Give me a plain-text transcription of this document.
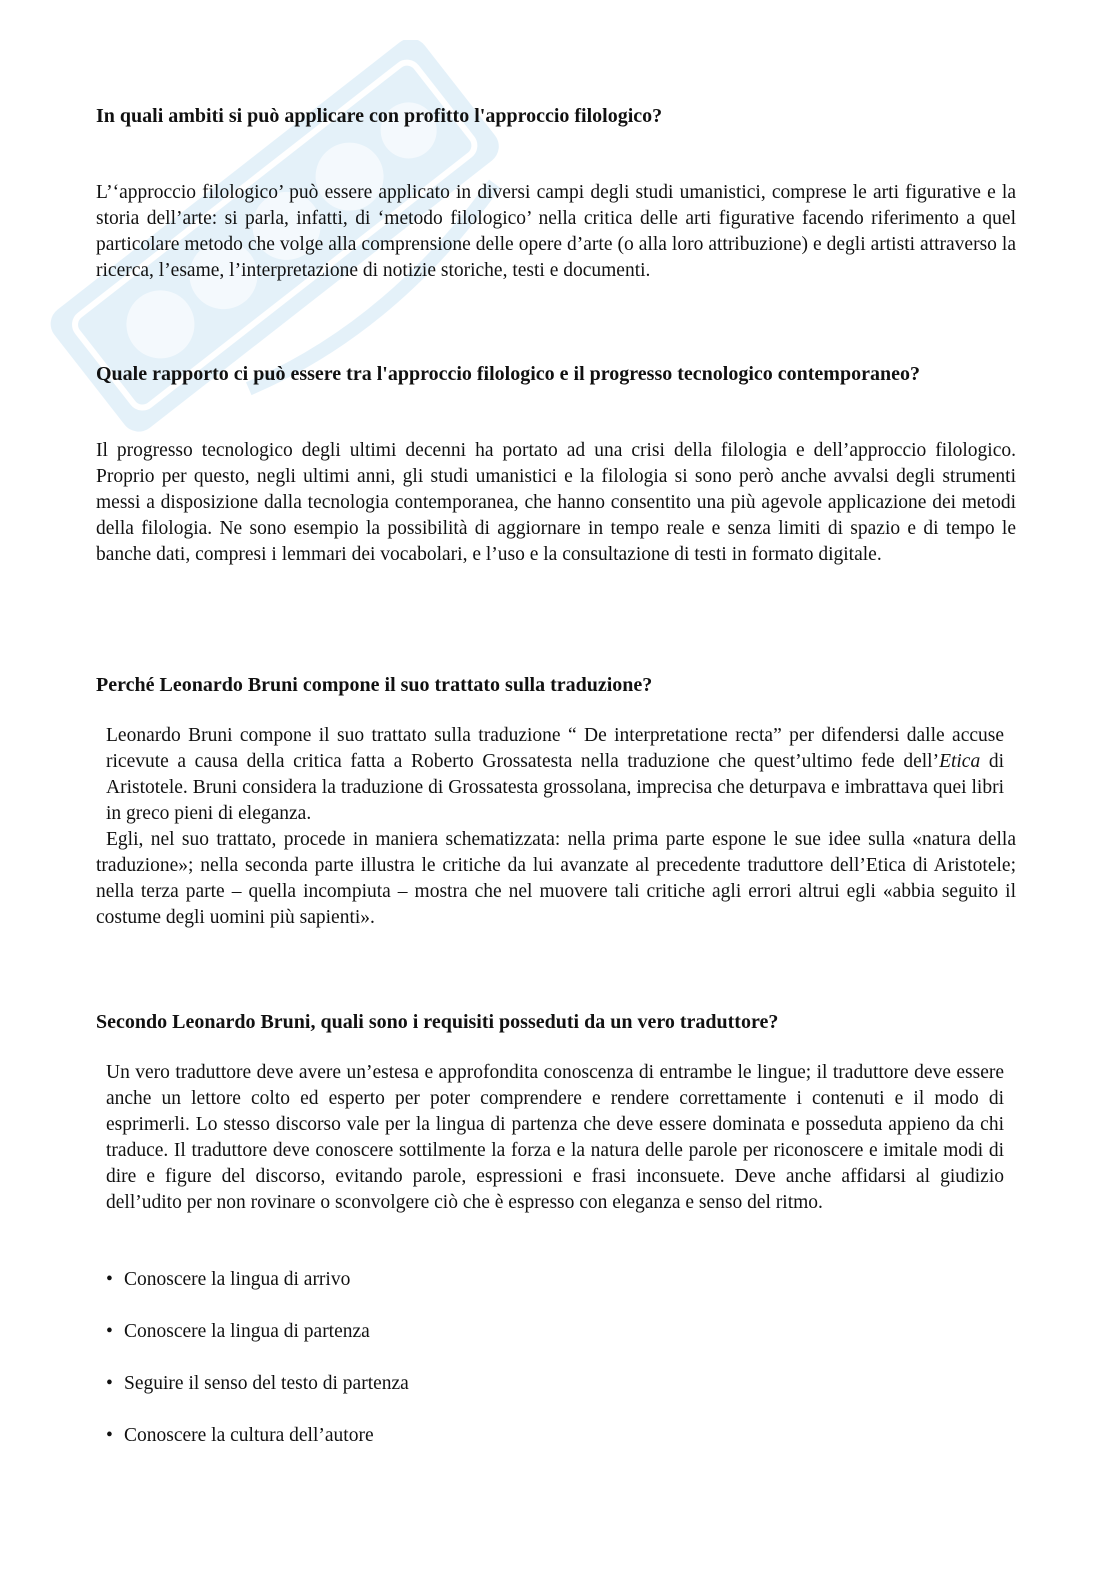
In quali ambiti si può applicare con profitto l'approccio filologico?

L’‘approccio filologico’ può essere applicato in diversi campi degli studi umanistici, comprese le arti figurative e la storia dell’arte: si parla, infatti, di ‘metodo filologico’ nella critica delle arti figurative facendo riferimento a quel particolare metodo che volge alla comprensione delle opere d’arte (o alla loro attribuzione) e degli artisti attraverso la ricerca, l’esame, l’interpretazione di notizie storiche, testi e documenti.

Quale rapporto ci può essere tra l'approccio filologico e il progresso tecnologico contemporaneo?

Il progresso tecnologico degli ultimi decenni ha portato ad una crisi della filologia e dell’approccio filologico. Proprio per questo, negli ultimi anni, gli studi umanistici e la filologia si sono però anche avvalsi degli strumenti messi a disposizione dalla tecnologia contemporanea, che hanno consentito una più agevole applicazione dei metodi della filologia. Ne sono esempio la possibilità di aggiornare in tempo reale e senza limiti di spazio e di tempo le banche dati, compresi i lemmari dei vocabolari, e l’uso e la consultazione di testi in formato digitale.

Perché Leonardo Bruni compone il suo trattato sulla traduzione?

Leonardo Bruni compone il suo trattato sulla traduzione “ De interpretatione recta” per difendersi dalle accuse ricevute a causa della critica fatta a Roberto Grossatesta nella traduzione che quest’ultimo fede dell’Etica di Aristotele. Bruni considera la traduzione di Grossatesta grossolana, imprecisa che deturpava e imbrattava quei libri in greco pieni di eleganza.

Egli, nel suo trattato, procede in maniera schematizzata: nella prima parte espone le sue idee sulla «natura della traduzione»; nella seconda parte illustra le critiche da lui avanzate al precedente traduttore dell’Etica di Aristotele; nella terza parte – quella incompiuta – mostra che nel muovere tali critiche agli errori altrui egli «abbia seguito il costume degli uomini più sapienti».

Secondo Leonardo Bruni, quali sono i requisiti posseduti da un vero traduttore?

Un vero traduttore deve avere un’estesa e approfondita conoscenza di entrambe le lingue; il traduttore deve essere anche un lettore colto ed esperto per poter comprendere e rendere correttamente i contenuti e il modo di esprimerli. Lo stesso discorso vale per la lingua di partenza che deve essere dominata e posseduta appieno da chi traduce. Il traduttore deve conoscere sottilmente la forza e la natura delle parole per riconoscere e imitale modi di dire e figure del discorso, evitando parole, espressioni e frasi inconsuete. Deve anche affidarsi al giudizio dell’udito per non rovinare o sconvolgere ciò che è espresso con eleganza e senso del ritmo.

• Conoscere la lingua di arrivo
• Conoscere la lingua di partenza
• Seguire il senso del testo di partenza
• Conoscere la cultura dell’autore
